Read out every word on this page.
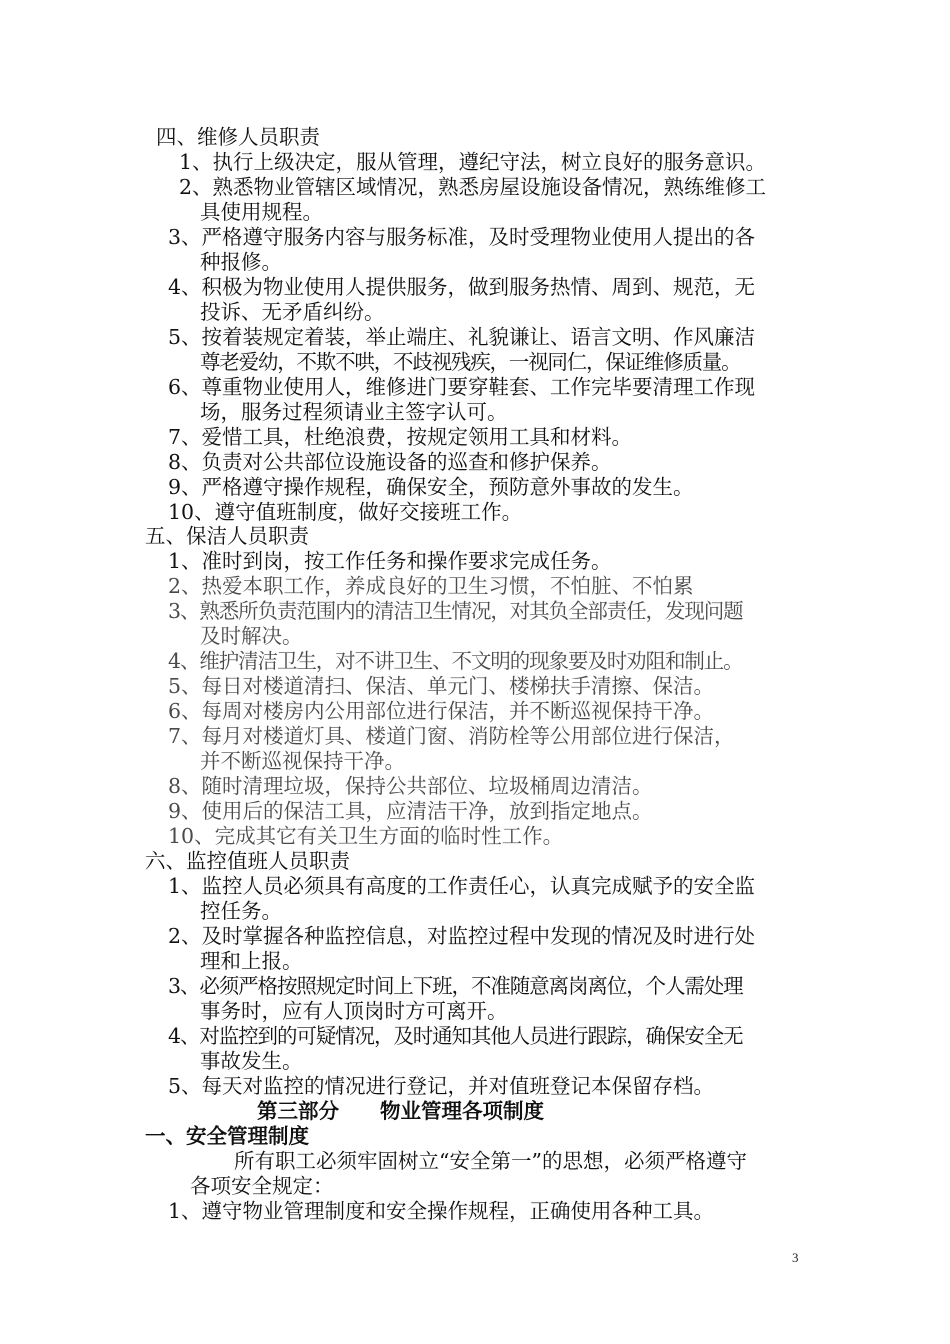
四、维修人员职责
1、执行上级决定，服从管理，遵纪守法，树立良好的服务意识。
2、熟悉物业管辖区域情况，熟悉房屋设施设备情况，熟练维修工
具使用规程。
3、严格遵守服务内容与服务标准，及时受理物业使用人提出的各
种报修。
4、积极为物业使用人提供服务，做到服务热情、周到、规范，无
投诉、无矛盾纠纷。
5、按着装规定着装，举止端庄、礼貌谦让、语言文明、作风廉洁
尊老爱幼，不欺不哄，不歧视残疾，一视同仁，保证维修质量。
6、尊重物业使用人，维修进门要穿鞋套、工作完毕要清理工作现
场，服务过程须请业主签字认可。
7、爱惜工具，杜绝浪费，按规定领用工具和材料。
8、负责对公共部位设施设备的巡查和修护保养。
9、严格遵守操作规程，确保安全，预防意外事故的发生。
10、遵守值班制度，做好交接班工作。
五、保洁人员职责
1、准时到岗，按工作任务和操作要求完成任务。
2、热爱本职工作，养成良好的卫生习惯，不怕脏、不怕累
3、熟悉所负责范围内的清洁卫生情况，对其负全部责任，发现问题
及时解决。
4、维护清洁卫生，对不讲卫生、不文明的现象要及时劝阻和制止。
5、每日对楼道清扫、保洁、单元门、楼梯扶手清擦、保洁。
6、每周对楼房内公用部位进行保洁，并不断巡视保持干净。
7、每月对楼道灯具、楼道门窗、消防栓等公用部位进行保洁，
并不断巡视保持干净。
8、随时清理垃圾，保持公共部位、垃圾桶周边清洁。
9、使用后的保洁工具，应清洁干净，放到指定地点。
10、完成其它有关卫生方面的临时性工作。
六、监控值班人员职责
1、监控人员必须具有高度的工作责任心，认真完成赋予的安全监
控任务。
2、及时掌握各种监控信息，对监控过程中发现的情况及时进行处
理和上报。
3、必须严格按照规定时间上下班，不准随意离岗离位，个人需处理
事务时，应有人顶岗时方可离开。
4、对监控到的可疑情况，及时通知其他人员进行跟踪，确保安全无
事故发生。
5、每天对监控的情况进行登记，并对值班登记本保留存档。
第三部分　　物业管理各项制度
一、安全管理制度
所有职工必须牢固树立“安全第一”的思想，必须严格遵守
各项安全规定：
1、遵守物业管理制度和安全操作规程，正确使用各种工具。
3
